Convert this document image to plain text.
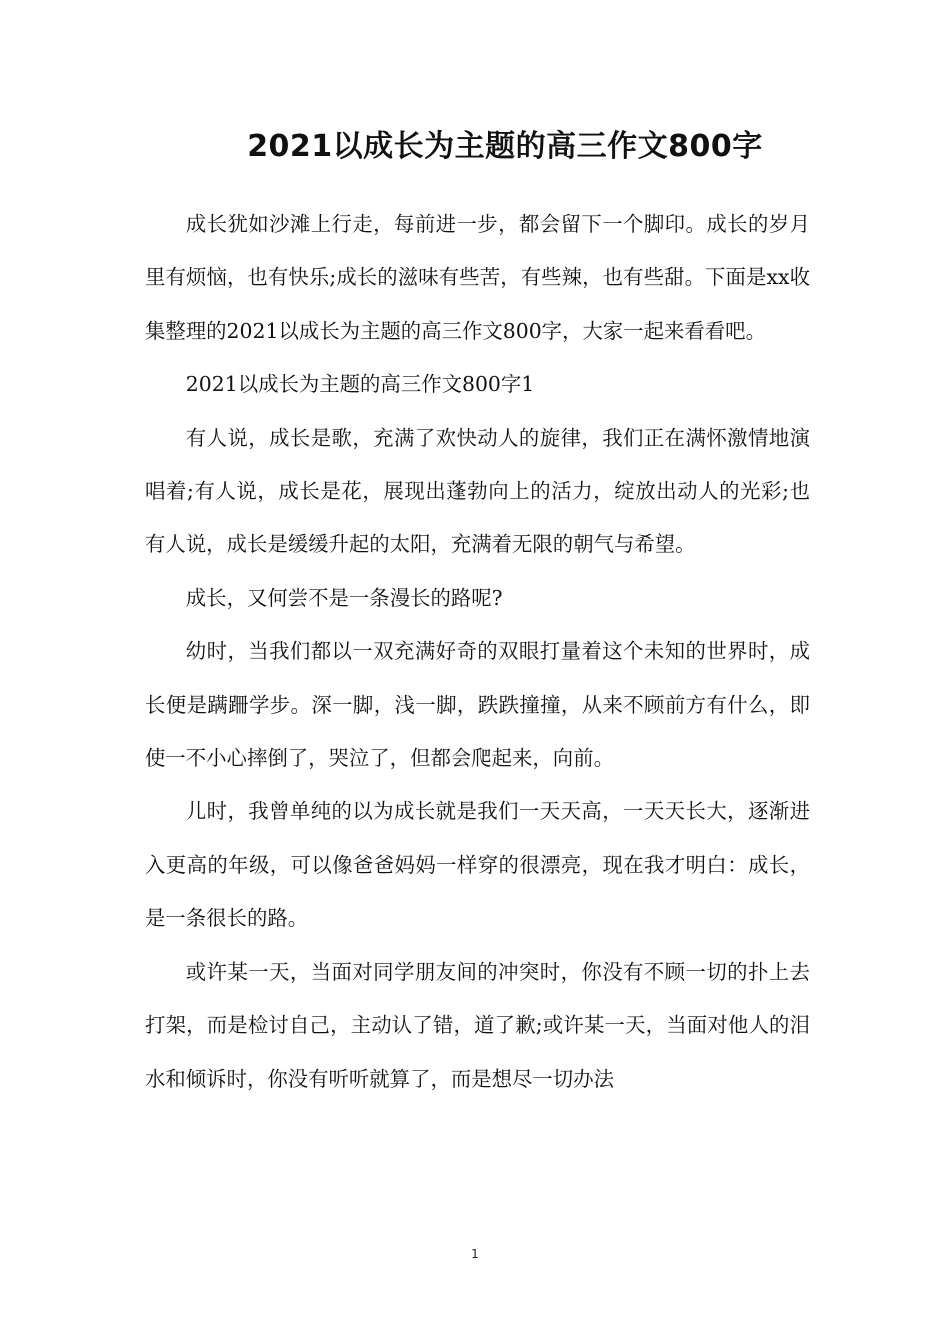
2021以成长为主题的高三作文800字

成长犹如沙滩上行走，每前进一步，都会留下一个脚印。成长的岁月里有烦恼，也有快乐;成长的滋味有些苦，有些辣，也有些甜。下面是xx收集整理的2021以成长为主题的高三作文800字，大家一起来看看吧。

2021以成长为主题的高三作文800字1

有人说，成长是歌，充满了欢快动人的旋律，我们正在满怀激情地演唱着;有人说，成长是花，展现出蓬勃向上的活力，绽放出动人的光彩;也有人说，成长是缓缓升起的太阳，充满着无限的朝气与希望。

成长，又何尝不是一条漫长的路呢?

幼时，当我们都以一双充满好奇的双眼打量着这个未知的世界时，成长便是蹒跚学步。深一脚，浅一脚，跌跌撞撞，从来不顾前方有什么，即使一不小心摔倒了，哭泣了，但都会爬起来，向前。

儿时，我曾单纯的以为成长就是我们一天天高，一天天长大，逐渐进入更高的年级，可以像爸爸妈妈一样穿的很漂亮，现在我才明白：成长，是一条很长的路。

或许某一天，当面对同学朋友间的冲突时，你没有不顾一切的扑上去打架，而是检讨自己，主动认了错，道了歉;或许某一天，当面对他人的泪水和倾诉时，你没有听听就算了，而是想尽一切办法

1
